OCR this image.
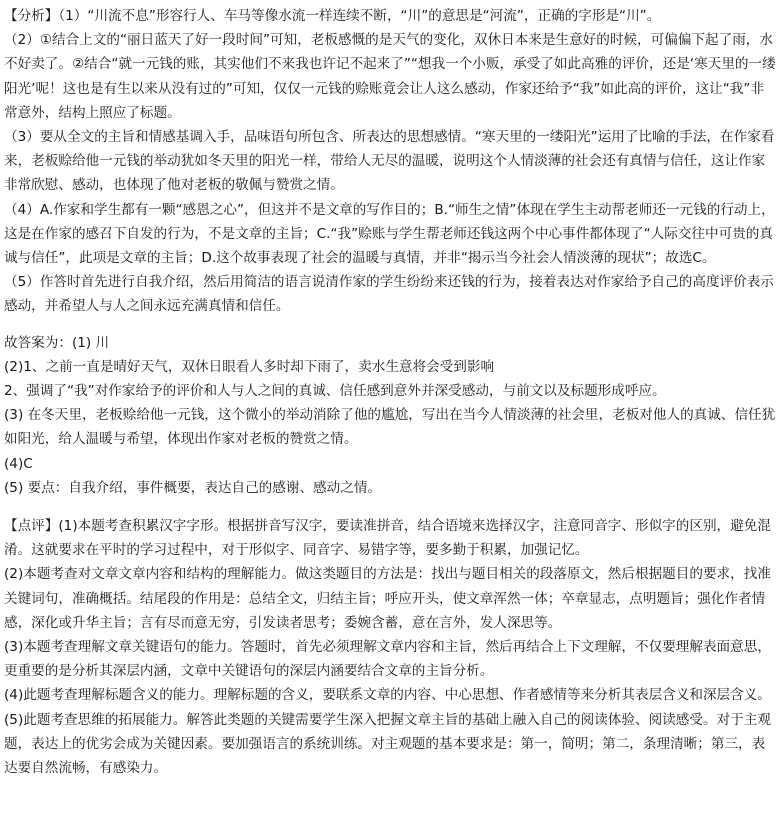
【分析】（1）“川流不息”形容行人、车马等像水流一样连续不断，“川”的意思是“河流”，正确的字形是“川”。

（2）①结合上文的“丽日蓝天了好一段时间”可知，老板感慨的是天气的变化，双休日本来是生意好的时候，可偏偏下起了雨，水不好卖了。②结合“就一元钱的账，其实他们不来我也许记不起来了”“想我一个小贩，承受了如此高雅的评价，还是‘寒天里的一缕阳光’呢！这也是有生以来从没有过的”可知，仅仅一元钱的赊账竟会让人这么感动，作家还给予“我”如此高的评价，这让“我”非常意外，结构上照应了标题。

（3）要从全文的主旨和情感基调入手，品味语句所包含、所表达的思想感情。“寒天里的一缕阳光”运用了比喻的手法，在作家看来，老板赊给他一元钱的举动犹如冬天里的阳光一样，带给人无尽的温暖，说明这个人情淡薄的社会还有真情与信任，这让作家非常欣慰、感动，也体现了他对老板的敬佩与赞赏之情。

（4）A.作家和学生都有一颗“感恩之心”，但这并不是文章的写作目的；B.“师生之情”体现在学生主动帮老师还一元钱的行动上，这是在作家的感召下自发的行为，不是文章的主旨；C.“我”赊账与学生帮老师还钱这两个中心事件都体现了“人际交往中可贵的真诚与信任”，此项是文章的主旨；D.这个故事表现了社会的温暖与真情，并非“揭示当今社会人情淡薄的现状”；故选C。

（5）作答时首先进行自我介绍，然后用简洁的语言说清作家的学生纷纷来还钱的行为，接着表达对作家给予自己的高度评价表示感动，并希望人与人之间永远充满真情和信任。

故答案为：(1) 川

(2)1、之前一直是晴好天气，双休日眼看人多时却下雨了，卖水生意将会受到影响

2、强调了“我”对作家给予的评价和人与人之间的真诚、信任感到意外并深受感动，与前文以及标题形成呼应。

(3) 在冬天里，老板赊给他一元钱，这个微小的举动消除了他的尴尬，写出在当今人情淡薄的社会里，老板对他人的真诚、信任犹如阳光，给人温暖与希望，体现出作家对老板的赞赏之情。

(4)C

(5) 要点：自我介绍，事件概要，表达自己的感谢、感动之情。

【点评】(1)本题考查积累汉字字形。根据拼音写汉字，要读准拼音，结合语境来选择汉字，注意同音字、形似字的区别，避免混淆。这就要求在平时的学习过程中，对于形似字、同音字、易错字等，要多勤于积累，加强记忆。

(2)本题考查对文章文章内容和结构的理解能力。做这类题目的方法是：找出与题目相关的段落原文，然后根据题目的要求，找准关键词句，准确概括。结尾段的作用是：总结全文，归结主旨；呼应开头，使文章浑然一体；卒章显志，点明题旨；强化作者情感，深化或升华主旨；言有尽而意无穷，引发读者思考；委婉含蓄，意在言外，发人深思等。

(3)本题考查理解文章关键语句的能力。答题时，首先必须理解文章内容和主旨，然后再结合上下文理解，不仅要理解表面意思，更重要的是分析其深层内涵，文章中关键语句的深层内涵要结合文章的主旨分析。

(4)此题考查理解标题含义的能力。理解标题的含义，要联系文章的内容、中心思想、作者感情等来分析其表层含义和深层含义。

(5)此题考查思维的拓展能力。解答此类题的关键需要学生深入把握文章主旨的基础上融入自己的阅读体验、阅读感受。对于主观题，表达上的优劣会成为关键因素。要加强语言的系统训练。对主观题的基本要求是：第一，简明；第二，条理清晰；第三，表达要自然流畅，有感染力。
